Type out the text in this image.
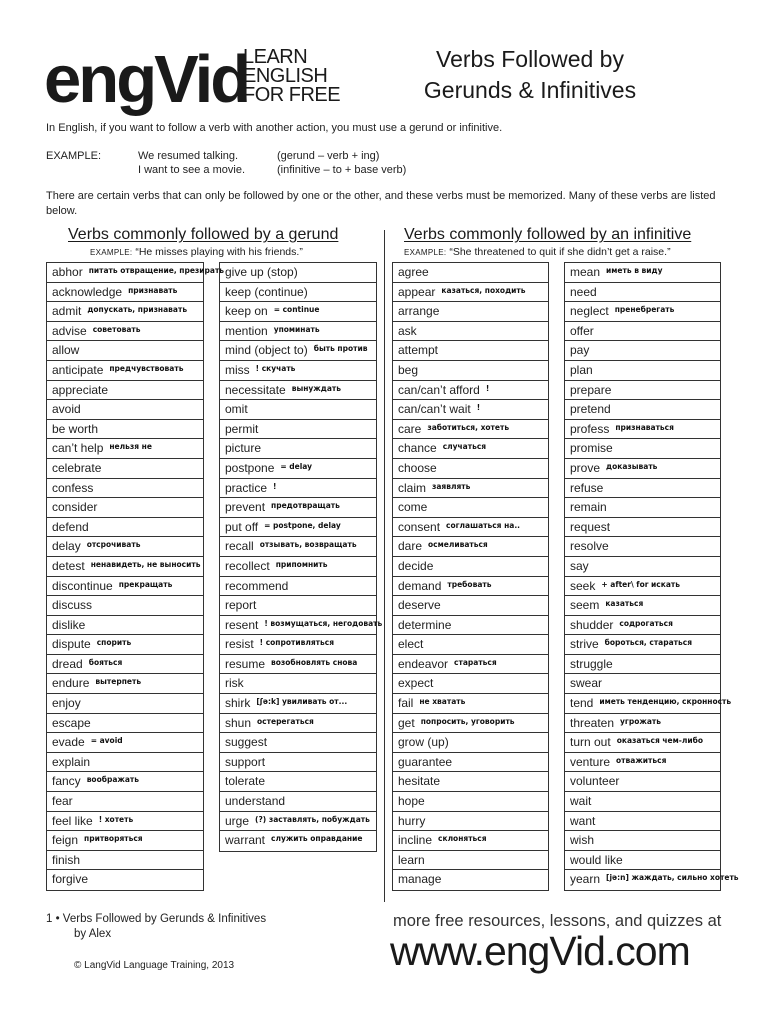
engVid
LEARN
ENGLISH
FOR FREE
Verbs Followed by
Gerunds & Infinitives
In English, if you want to follow a verb with another action, you must use a gerund or infinitive.
EXAMPLE:	We resumed talking.	(gerund – verb + ing)
I want to see a movie.	(infinitive – to + base verb)
There are certain verbs that can only be followed by one or the other, and these verbs must be memorized. Many of these verbs are listed below.
Verbs commonly followed by a gerund
EXAMPLE: “He misses playing with his friends.”
Verbs commonly followed by an infinitive
EXAMPLE: “She threatened to quit if she didn’t get a raise.”
abhor $^{питать отвращение, презирать}$
acknowledge $^{признавать}$
admit $^{допускать, признавать}$
advise $^{советовать}$
allow
anticipate $^{предчувствовать}$
appreciate
avoid
be worth
can’t help $^{нельзя не}$
celebrate
confess
consider
defend
delay $^{отсрочивать}$
detest $^{ненавидеть, не выносить}$
discontinue $^{прекращать}$
discuss
dislike
dispute $^{спорить}$
dread $^{бояться}$
endure $^{вытерпеть}$
enjoy
escape
evade $^{= avoid}$
explain
fancy $^{воображать}$
fear
feel like $^{! хотеть}$
feign $^{притворяться}$
finish
forgive
give up (stop)
keep (continue)
keep on $^{= continue}$
mention $^{упоминать}$
mind (object to) $^{быть против}$
miss $^{! скучать}$
necessitate $^{вынуждать}$
omit
permit
picture
postpone $^{= delay}$
practice !
prevent $^{предотвращать}$
put off $^{= postpone, delay}$
recall $^{отзывать, возвращать}$
recollect $^{припомнить}$
recommend
report
resent $^{! возмущаться, негодовать}$
resist $^{! сопротивляться}$
resume $^{возобновлять снова}$
risk
shirk $^{[ʃə:k] увиливать от...}$
shun $^{остерегаться}$
suggest
support
tolerate
understand
urge $^{(?) заставлять, побуждать}$
warrant $^{служить оправдание}$
agree
appear $^{казаться, походить}$
arrange
ask
attempt
beg
can/can’t afford !
can/can’t wait !
care $^{заботиться, хотеть}$
chance $^{случаться}$
choose
claim $^{заявлять}$
come
consent $^{соглашаться на..}$
dare $^{осмеливаться}$
decide
demand $^{требовать}$
deserve
determine
elect
endeavor $^{стараться}$
expect
fail $^{не хватать}$
get $^{попросить, уговорить}$
grow (up)
guarantee
hesitate
hope
hurry
incline $^{склоняться}$
learn
manage
mean $^{иметь в виду}$
need
neglect $^{пренебрегать}$
offer
pay
plan
prepare
pretend
profess $^{признаваться}$
promise
prove $^{доказывать}$
refuse
remain
request
resolve
say
seek $^{+ after\backslash for искать}$
seem $^{казаться}$
shudder $^{содрогаться}$
strive $^{бороться, стараться}$
struggle
swear
tend $^{иметь тенденцию, скронность}$
threaten $^{угрожать}$
turn out $^{оказаться чем-либо}$
venture $^{отважиться}$
volunteer
wait
want
wish
would like
yearn $^{[jə:n] жаждать, сильно хотеть}$
1 • Verbs Followed by Gerunds & Infinitives
by Alex
© LangVid Language Training, 2013
more free resources, lessons, and quizzes at
www.engVid.com
